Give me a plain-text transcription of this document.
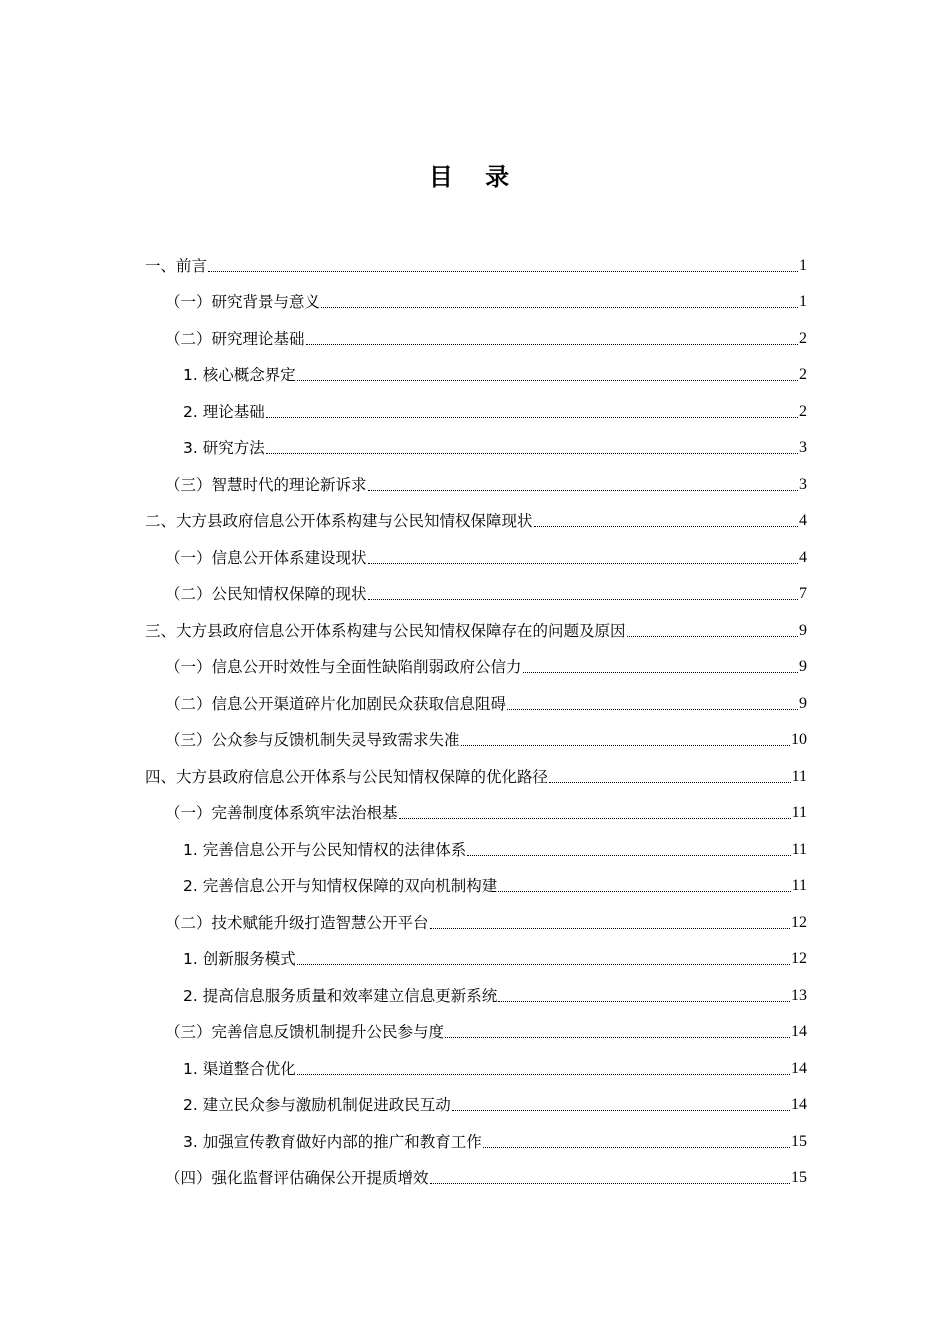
目 录
一、前言	1
（一）研究背景与意义	1
（二）研究理论基础	2
1. 核心概念界定	2
2. 理论基础	2
3. 研究方法	3
（三）智慧时代的理论新诉求	3
二、大方县政府信息公开体系构建与公民知情权保障现状	4
（一）信息公开体系建设现状	4
（二）公民知情权保障的现状	7
三、大方县政府信息公开体系构建与公民知情权保障存在的问题及原因	9
（一）信息公开时效性与全面性缺陷削弱政府公信力	9
（二）信息公开渠道碎片化加剧民众获取信息阻碍	9
（三）公众参与反馈机制失灵导致需求失准	10
四、大方县政府信息公开体系与公民知情权保障的优化路径	11
（一）完善制度体系筑牢法治根基	11
1. 完善信息公开与公民知情权的法律体系	11
2. 完善信息公开与知情权保障的双向机制构建	11
（二）技术赋能升级打造智慧公开平台	12
1. 创新服务模式	12
2. 提高信息服务质量和效率建立信息更新系统	13
（三）完善信息反馈机制提升公民参与度	14
1. 渠道整合优化	14
2. 建立民众参与激励机制促进政民互动	14
3. 加强宣传教育做好内部的推广和教育工作	15
（四）强化监督评估确保公开提质增效	15
